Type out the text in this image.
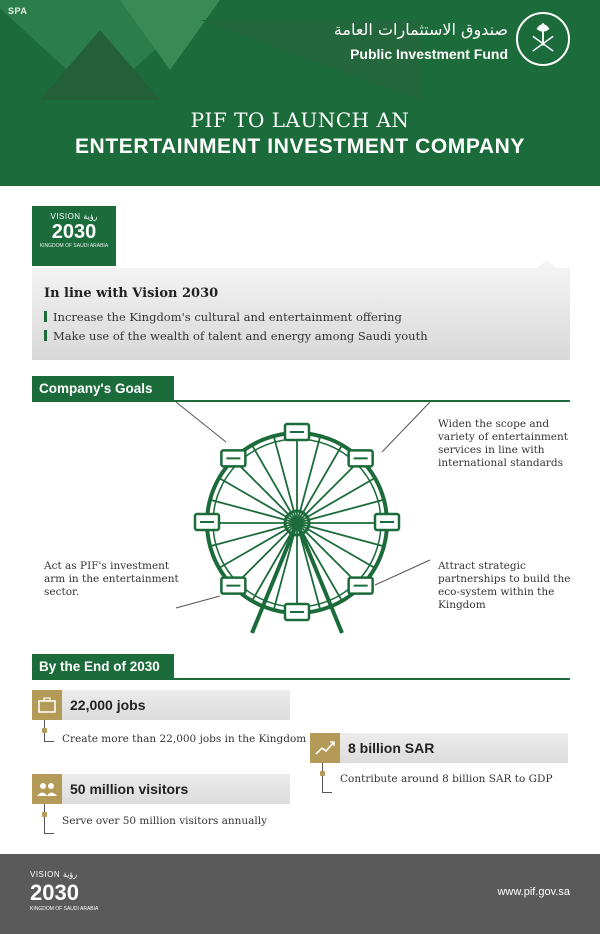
SPA
صندوق الاستثمارات العامة
Public Investment Fund
PIF TO LAUNCH AN
ENTERTAINMENT INVESTMENT COMPANY
VISION رؤية
2030
KINGDOM OF SAUDI ARABIA
In line with Vision 2030
Increase the Kingdom's cultural and entertainment offering
Make use of the wealth of talent and energy among Saudi youth
Company's Goals
Widen the scope and variety of entertainment services in line with international standards
Act as PIF's investment arm in the entertainment sector.
Attract strategic partnerships to build the eco-system within the Kingdom
By the End of 2030
22,000 jobs
Create more than 22,000 jobs in the Kingdom
8 billion SAR
Contribute around 8 billion SAR to GDP
50 million visitors
Serve over 50 million visitors annually
VISION رؤية
2030
KINGDOM OF SAUDI ARABIA
www.pif.gov.sa
